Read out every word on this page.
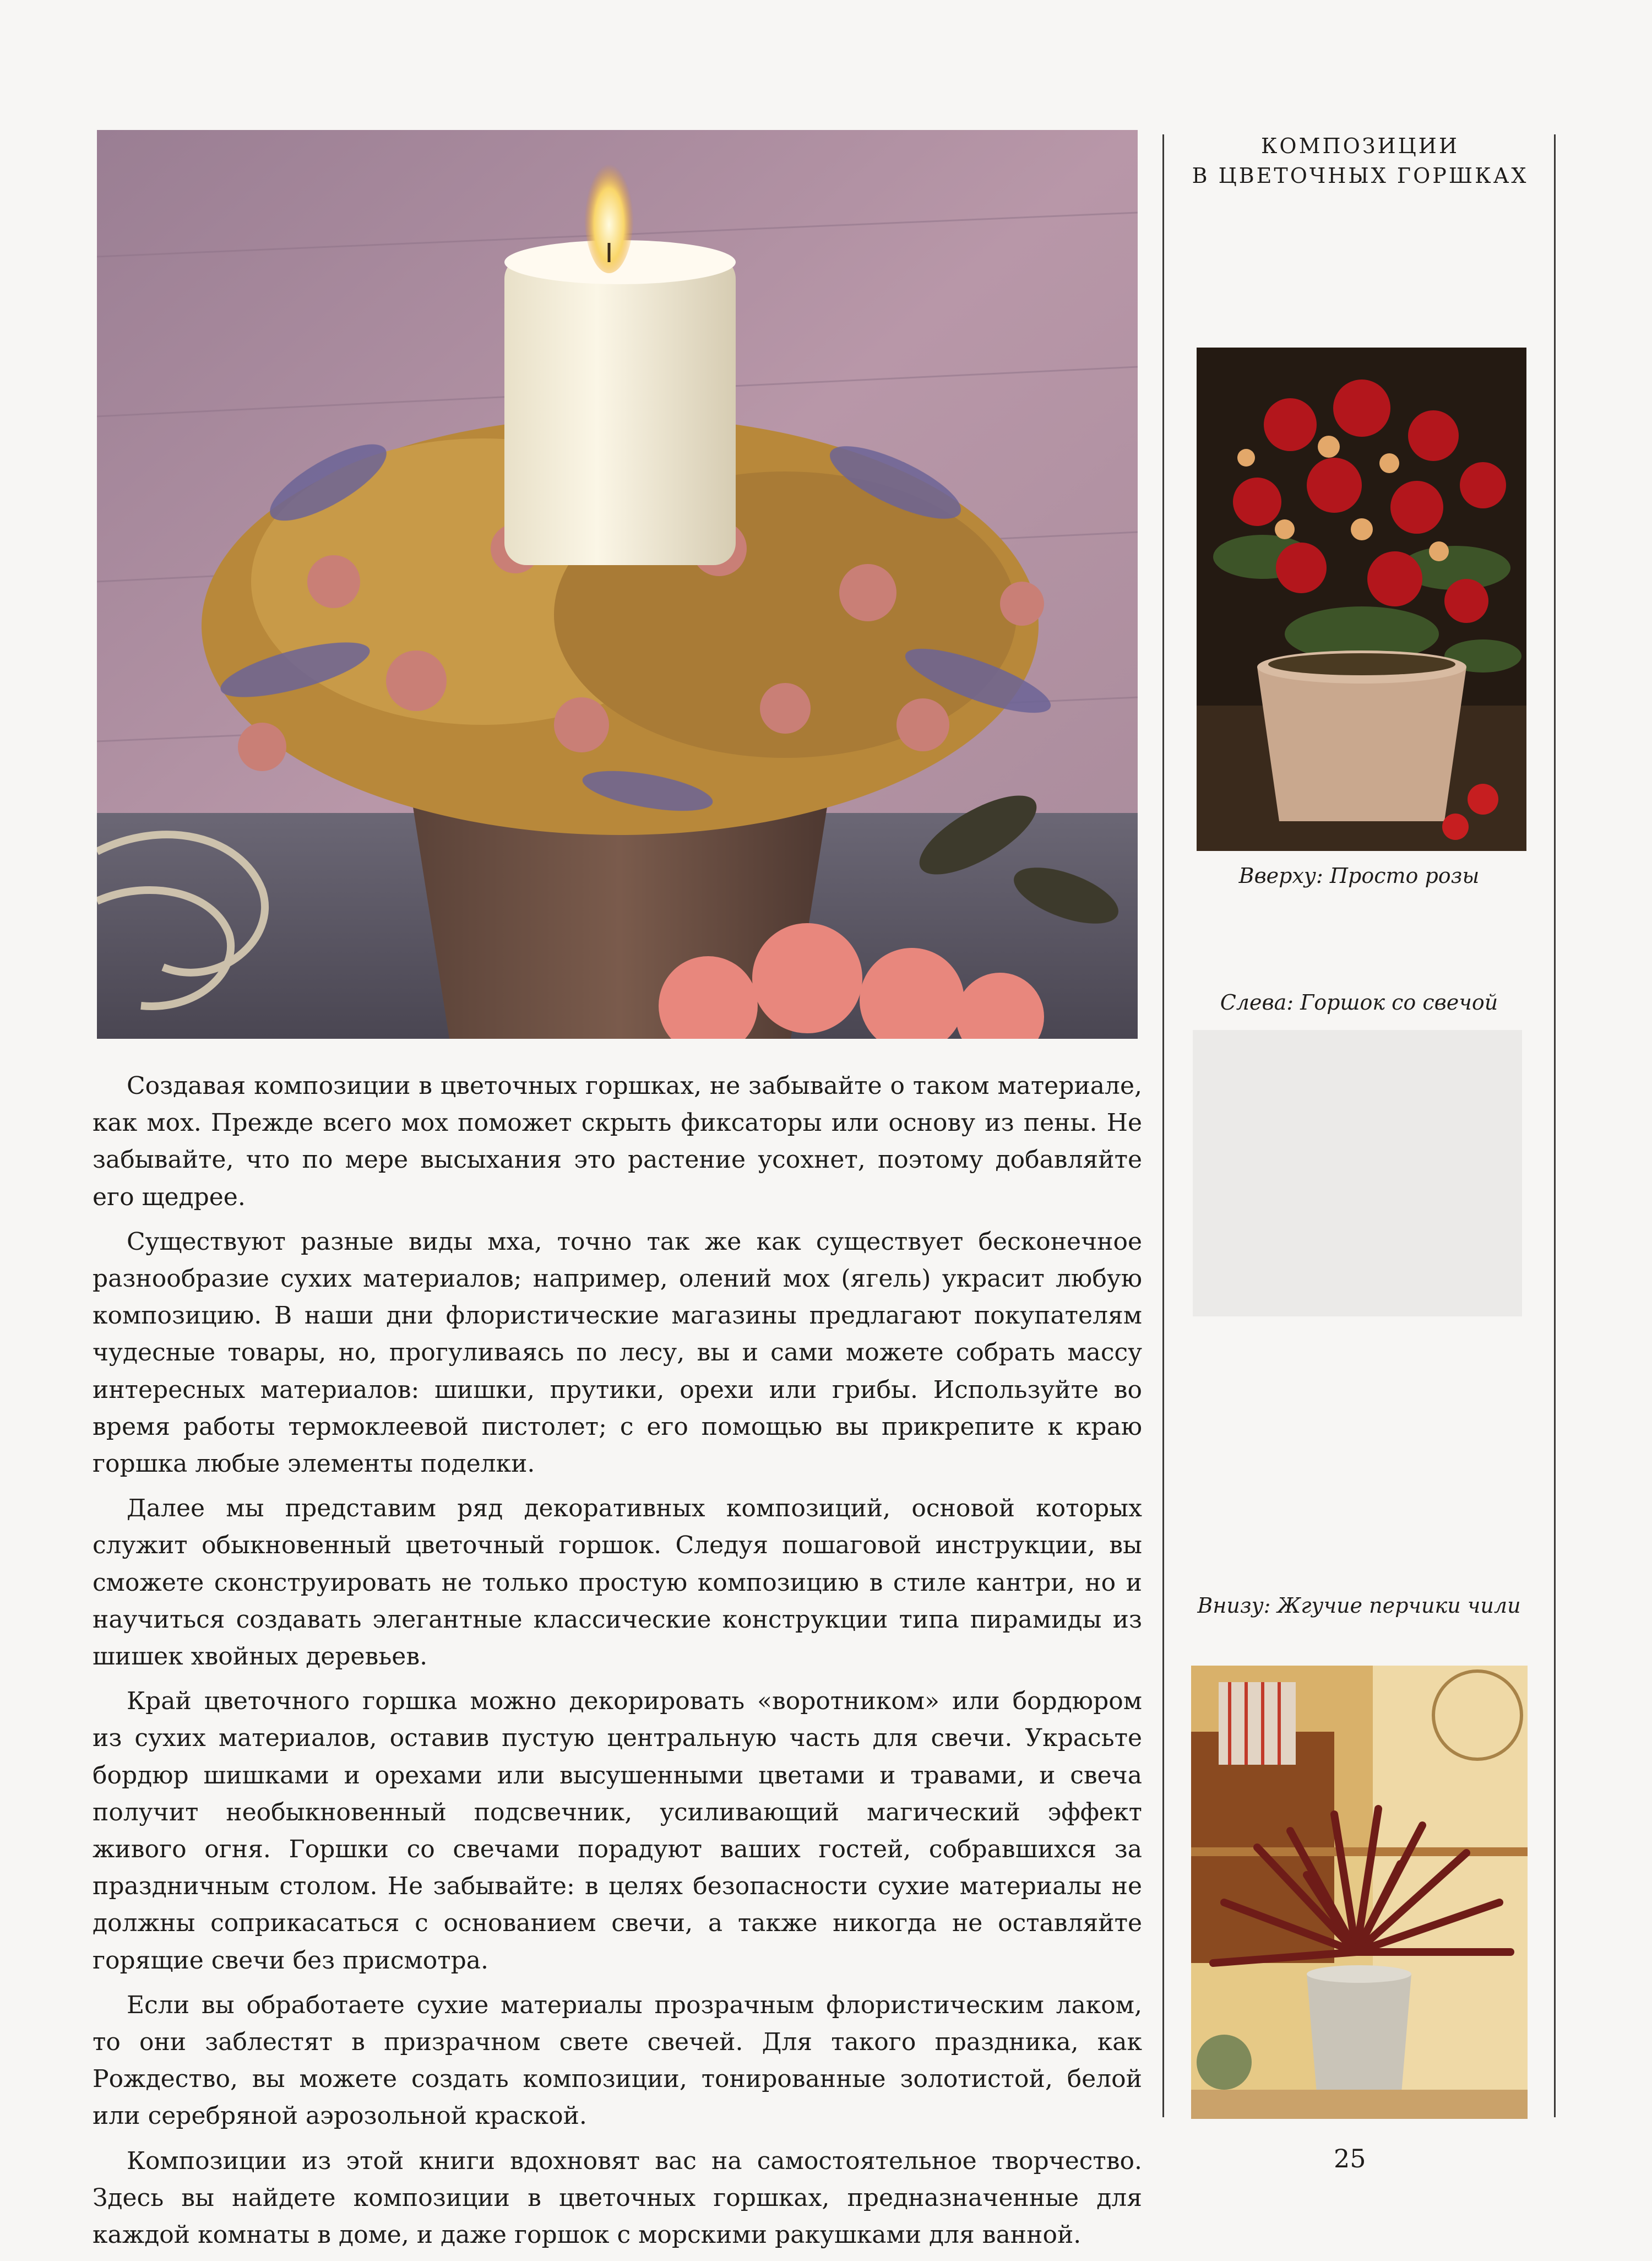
КОМПОЗИЦИИ
В ЦВЕТОЧНЫХ ГОРШКАХ
Вверху: Просто розы
Слева: Горшок со свечой
Внизу: Жгучие перчики чили

Создавая композиции в цветочных горшках, не забывайте о таком материале, как мох. Прежде всего мох поможет скрыть фиксаторы или основу из пены. Не забывайте, что по мере высыхания это растение усохнет, поэтому добавляйте его щедрее.

Существуют разные виды мха, точно так же как существует бесконечное разнообразие сухих материалов; например, олений мох (ягель) украсит любую композицию. В наши дни флористические магазины предлагают покупателям чудесные товары, но, прогуливаясь по лесу, вы и сами можете собрать массу интересных материалов: шишки, прутики, орехи или грибы. Используйте во время работы термоклеевой пистолет; с его помощью вы прикрепите к краю горшка любые элементы поделки.

Далее мы представим ряд декоративных композиций, основой которых служит обыкновенный цветочный горшок. Следуя пошаговой инструкции, вы сможете сконструировать не только простую композицию в стиле кантри, но и научиться создавать элегантные классические конструкции типа пирамиды из шишек хвойных деревьев.

Край цветочного горшка можно декорировать «воротником» или бордюром из сухих материалов, оставив пустую центральную часть для свечи. Украсьте бордюр шишками и орехами или высушенными цветами и травами, и свеча получит необыкновенный подсвечник, усиливающий магический эффект живого огня. Горшки со свечами порадуют ваших гостей, собравшихся за праздничным столом. Не забывайте: в целях безопасности сухие материалы не должны соприкасаться с основанием свечи, а также никогда не оставляйте горящие свечи без присмотра.

Если вы обработаете сухие материалы прозрачным флористическим лаком, то они заблестят в призрачном свете свечей. Для такого праздника, как Рождество, вы можете создать композиции, тонированные золотистой, белой или серебряной аэрозольной краской.

Композиции из этой книги вдохновят вас на самостоятельное творчество. Здесь вы найдете композиции в цветочных горшках, предназначенные для каждой комнаты в доме, и даже горшок с морскими ракушками для ванной.

25
